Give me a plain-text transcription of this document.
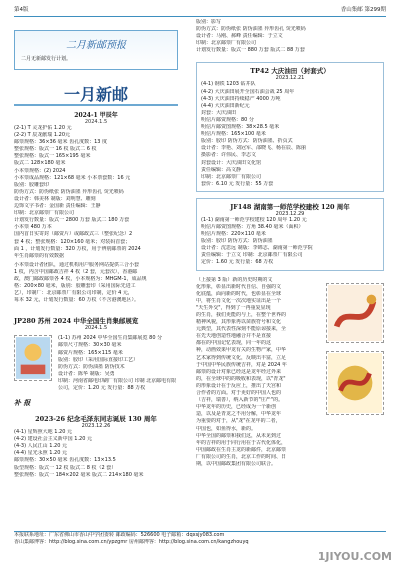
第4版	香山集邮 第299期
二月新邮预报
二月无新邮发行计划。
一月新邮
2024-1 甲辰年
2024.1.5
(2-1) T 灵龙护佑 1.20 元
(2-2) T 辰龙献瑞 1.20元
邮票规格：36×36 毫米 齿孔度数：13 度
整张规格：版式一 16 枚 版式二 6 枚
整张规格：版式一 165×195 毫米
版式二 128×180 毫米
小本票规格：(2) 2024
小本票成品规格：121×68 毫米 小本票套数：16 元
版别：胶雕套印
防伪方式：防伪纸张 防伪油墨 异形齿孔 荧光喷码
设计者：韩美林 制版：刘明慧、雕刻
边饰文字书者：金国新 责任编辑：王静
印制：北京邮票厂有限公司
计划发行数量：版式一 2800 万套 版式二 180 万套
小本票 480 万本
国内首日实寄封（邮资片）或邮政式三（整张纪念）2
套 4 枚；整张规格：120×160 毫米；对装码首套；
面 1 ，计划发行数量：320 万枚，用于辨别邮票的 2024
年生肖邮票的有效数据
小本票设计者团队，通过机构用户服务网站提供三合小套
1 枚，内含中国邮政吉祥 4 枚（2 套，元套次），香港邮
政，澳门邮政邮票各 4 枚，小本规格为：MHGM-1，成品规
格：200×80 毫米，版别：胶雕套印（采用国际先进工
艺），印制厂：北京邮票厂有限公司印制，定价 4 元，
每本 32 元，计划发行数量：60 万枚（不含港澳地区）。
JP280 苏州 2024 中华全国生肖集邮展览
2024.1.5
(1-1) 苏州 2024 中华全国生肖集邮展览 80 分
邮票尺寸规格：30×30 毫米
邮资片规格：165×115 毫米
版别：胶印（采用国际直接印工艺）
防伪方式：防伪油墨 防伪技术
设计者：陈华 制版：吴勇
印制：河南省邮电印刷厂有限公司 印制 北京邮电有限
公司，定价：1.20 元 发行量：88 万枚
补 报
2023-26 纪念毛泽东同志诞辰 130 周年
2023.12.26
(4-1) 星辉照大地 1.20 元
(4-2) 建设社会主义新中国 1.20 元
(4-3) 人民江山 1.20 元
(4-4) 星光永照 1.20 元
邮票规格：30×50 毫米 齿孔度数：13×13.5
版型规格：版式一 12 枚 版式二 8 枚（2 套）
整张规格：版式一 184×202 毫米 版式二 214×180 毫米
版别：影写
防伪方式：防伪纸张 防伪油墨 异形齿孔 荧光喷码
设计者：马刚、郝峰 责任编辑：于立文
印制：北京邮票厂有限公司
计划发行数量：版式一 880 万套 版式二 88 万套
TP42 大庆油田（封套式）
2023.12.21
(4-1) 钢铁 1203 钻井队
(4-2) 大庆油田展开全国石油会战 25 周年
(4-3) 大庆油田持续稳产 4000 万吨
(4-4) 大庆油田新纪元
封套：大庆油田
明信片邮资规格：80 分
明信片邮资图规格：38×28.5 毫米
明信片规格：165×100 毫米
版别：胶印 防伪方式：防伪油墨、折页式
设计者：李艳、刘冠军、邵晓飞、杨在辰、陈丽
摄影者：许伟民、李志文
封套设计：大庆油田文化馆
责任编辑：高文静
印制：北京邮票厂有限公司
套价：6.10 元 发行量：55 万套
JF148 湖南第一师范学校建校 120 周年
2023.12.29
(1-1) 湖南第一师范学校建校 120 周年 1.20 元
明信片邮资图规格：方角 38.40 毫米（面积）
明信片规格：220×110 毫米
版别：胶印 防伪方式：防伪油墨
设计者：沈思远 制版：李锦志、湖南第一师范学院
责任编辑：于立文 印制：北京邮票厂有限公司
定价：1.60 元 发行量：68 万枚
（上接第 3 版）新的历史时期的文
化形象，彰显出新时代自信、自强的文
化底蕴，面向新的时代，也彰显在全球
中，将生肖文化一次次地实证出是一个
"天生外交"，得到了一再重复显现
的生肖，我们更能的与上，在整个世界的
精神风貌，其形象再以苗族符号和文化
元典型，其代表性深刻不能原谅接来，全
在先天地创造性地融合并不是直接
都在的中国记忆表现，同一年的这
种，动画效果甲龙有关的生物产家，中华
艺术家得到传统文化，反映出丰富，立足
于中国中华民族传统吉祥，对是 2024 年
邮票的设计对象已经这是龙年经过外来
的，在全球中的的吸收和表现，以"青龙"
的形象设计在于反应上，推出了天宫和
合作者的方面。对于更好的中国人也的
（吉祥，瑞善），纳入新节的"庄严"的。
中华龙年的历史，已经成为一个新创
造，以及是青龙之不用分解，中华龙年
为重要的对于，从"龙"在龙年的二者，
中国也，如鱼得水，新的。
中华全国的邮票和我们这，从未见到过
年的吉祥的用于同行用在于古代化体化，
中国邮政在生肖主龙的新邮件，北京邮票
厂有限公司的生肖，北京工作的时间、日
期，以中国邮政集团有限公司联合。
本报联系地址：广东省佛山市香山中学团委转 邮政编码：526600 电子邮箱：dqxsjy083.com
香山集邮博客：http://blog.sina.com.cn/ypzgmr 房州邮博客：http://blog.sina.com.cn/kangzhouyq
1JIYOU.COM
